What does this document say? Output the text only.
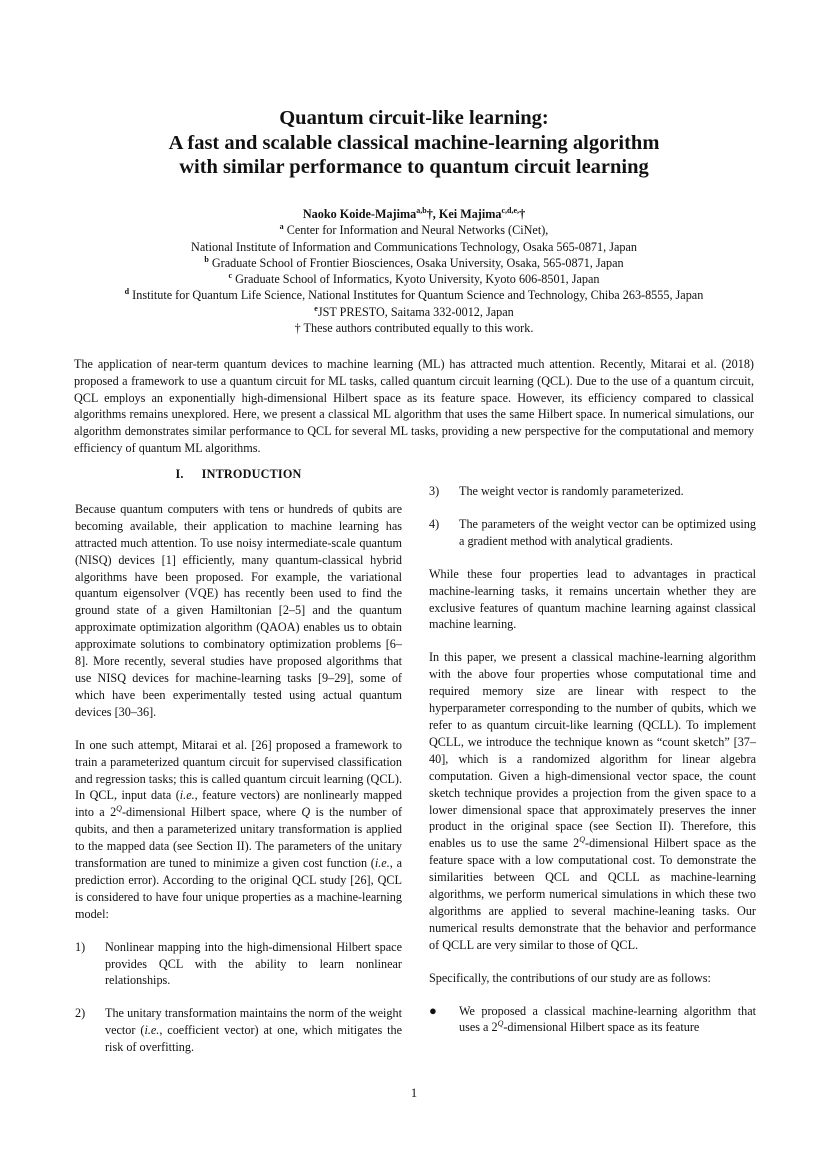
Quantum circuit-like learning:
A fast and scalable classical machine-learning algorithm
with similar performance to quantum circuit learning
Naoko Koide-Majima$^{a,b}$†, Kei Majima$^{c,d,e,}$†
$^a$ Center for Information and Neural Networks (CiNet),
National Institute of Information and Communications Technology, Osaka 565-0871, Japan
$^b$ Graduate School of Frontier Biosciences, Osaka University, Osaka, 565-0871, Japan
$^c$ Graduate School of Informatics, Kyoto University, Kyoto 606-8501, Japan
$^d$ Institute for Quantum Life Science, National Institutes for Quantum Science and Technology, Chiba 263-8555, Japan
$^e$JST PRESTO, Saitama 332-0012, Japan
† These authors contributed equally to this work.

The application of near-term quantum devices to machine learning (ML) has attracted much attention. Recently, Mitarai et al. (2018) proposed a framework to use a quantum circuit for ML tasks, called quantum circuit learning (QCL). Due to the use of a quantum circuit, QCL employs an exponentially high-dimensional Hilbert space as its feature space. However, its efficiency compared to classical algorithms remains unexplored. Here, we present a classical ML algorithm that uses the same Hilbert space. In numerical simulations, our algorithm demonstrates similar performance to QCL for several ML tasks, providing a new perspective for the computational and memory efficiency of quantum ML algorithms.

I. INTRODUCTION

Because quantum computers with tens or hundreds of qubits are becoming available, their application to machine learning has attracted much attention. To use noisy intermediate-scale quantum (NISQ) devices [1] efficiently, many quantum-classical hybrid algorithms have been proposed. For example, the variational quantum eigensolver (VQE) has recently been used to find the ground state of a given Hamiltonian [2–5] and the quantum approximate optimization algorithm (QAOA) enables us to obtain approximate solutions to combinatory optimization problems [6–8]. More recently, several studies have proposed algorithms that use NISQ devices for machine-learning tasks [9–29], some of which have been experimentally tested using actual quantum devices [30–36].

In one such attempt, Mitarai et al. [26] proposed a framework to train a parameterized quantum circuit for supervised classification and regression tasks; this is called quantum circuit learning (QCL). In QCL, input data (i.e., feature vectors) are nonlinearly mapped into a $2^Q$-dimensional Hilbert space, where Q is the number of qubits, and then a parameterized unitary transformation is applied to the mapped data (see Section II). The parameters of the unitary transformation are tuned to minimize a given cost function (i.e., a prediction error). According to the original QCL study [26], QCL is considered to have four unique properties as a machine-learning model:

1)	Nonlinear mapping into the high-dimensional Hilbert space provides QCL with the ability to learn nonlinear relationships.
2)	The unitary transformation maintains the norm of the weight vector (i.e., coefficient vector) at one, which mitigates the risk of overfitting.
3)	The weight vector is randomly parameterized.
4)	The parameters of the weight vector can be optimized using a gradient method with analytical gradients.

While these four properties lead to advantages in practical machine-learning tasks, it remains uncertain whether they are exclusive features of quantum machine learning against classical machine learning.

In this paper, we present a classical machine-learning algorithm with the above four properties whose computational time and required memory size are linear with respect to the hyperparameter corresponding to the number of qubits, which we refer to as quantum circuit-like learning (QCLL). To implement QCLL, we introduce the technique known as “count sketch” [37–40], which is a randomized algorithm for linear algebra computation. Given a high-dimensional vector space, the count sketch technique provides a projection from the given space to a lower dimensional space that approximately preserves the inner product in the original space (see Section II). Therefore, this enables us to use the same $2^Q$-dimensional Hilbert space as the feature space with a low computational cost. To demonstrate the similarities between QCL and QCLL as machine-learning algorithms, we perform numerical simulations in which these two algorithms are applied to several machine-leaning tasks. Our numerical results demonstrate that the behavior and performance of QCLL are very similar to those of QCL.

Specifically, the contributions of our study are as follows:

●	We proposed a classical machine-learning algorithm that uses a $2^Q$-dimensional Hilbert space as its feature
1
